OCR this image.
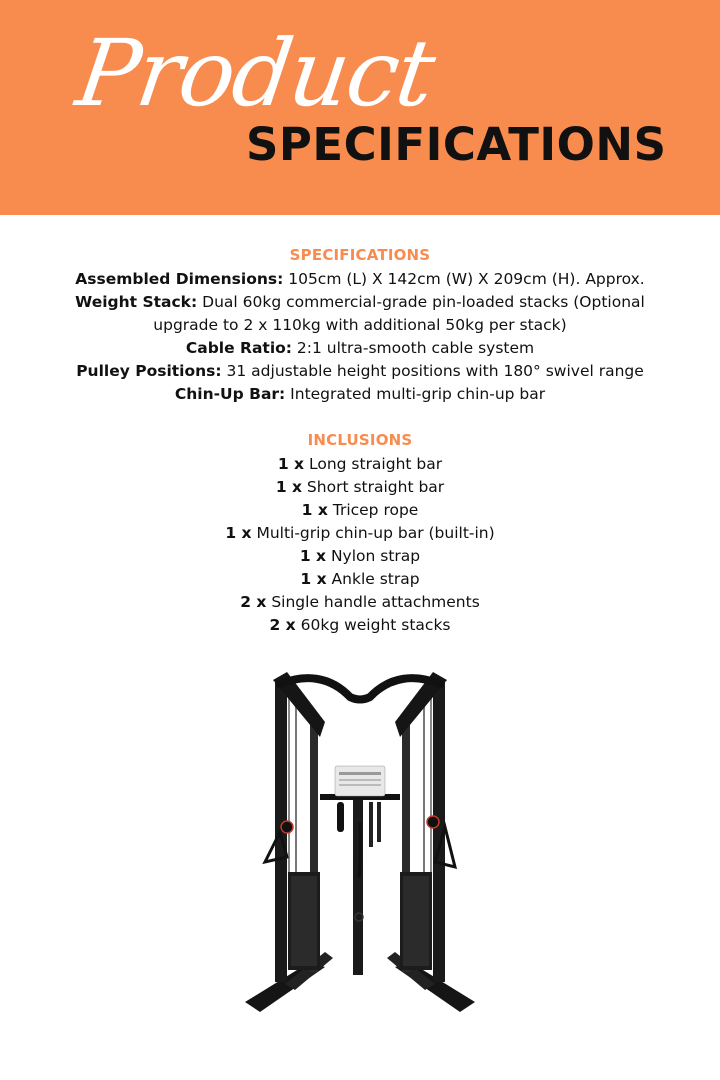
Product
SPECIFICATIONS
SPECIFICATIONS
Assembled Dimensions: 105cm (L) X 142cm (W) X 209cm (H). Approx.
Weight Stack: Dual 60kg commercial-grade pin-loaded stacks (Optional upgrade to 2 x 110kg with additional 50kg per stack)
Cable Ratio: 2:1 ultra-smooth cable system
Pulley Positions: 31 adjustable height positions with 180° swivel range
Chin-Up Bar: Integrated multi-grip chin-up bar
INCLUSIONS
1 x Long straight bar
1 x Short straight bar
1 x Tricep rope
1 x Multi-grip chin-up bar (built-in)
1 x Nylon strap
1 x Ankle strap
2 x Single handle attachments
2 x 60kg weight stacks
